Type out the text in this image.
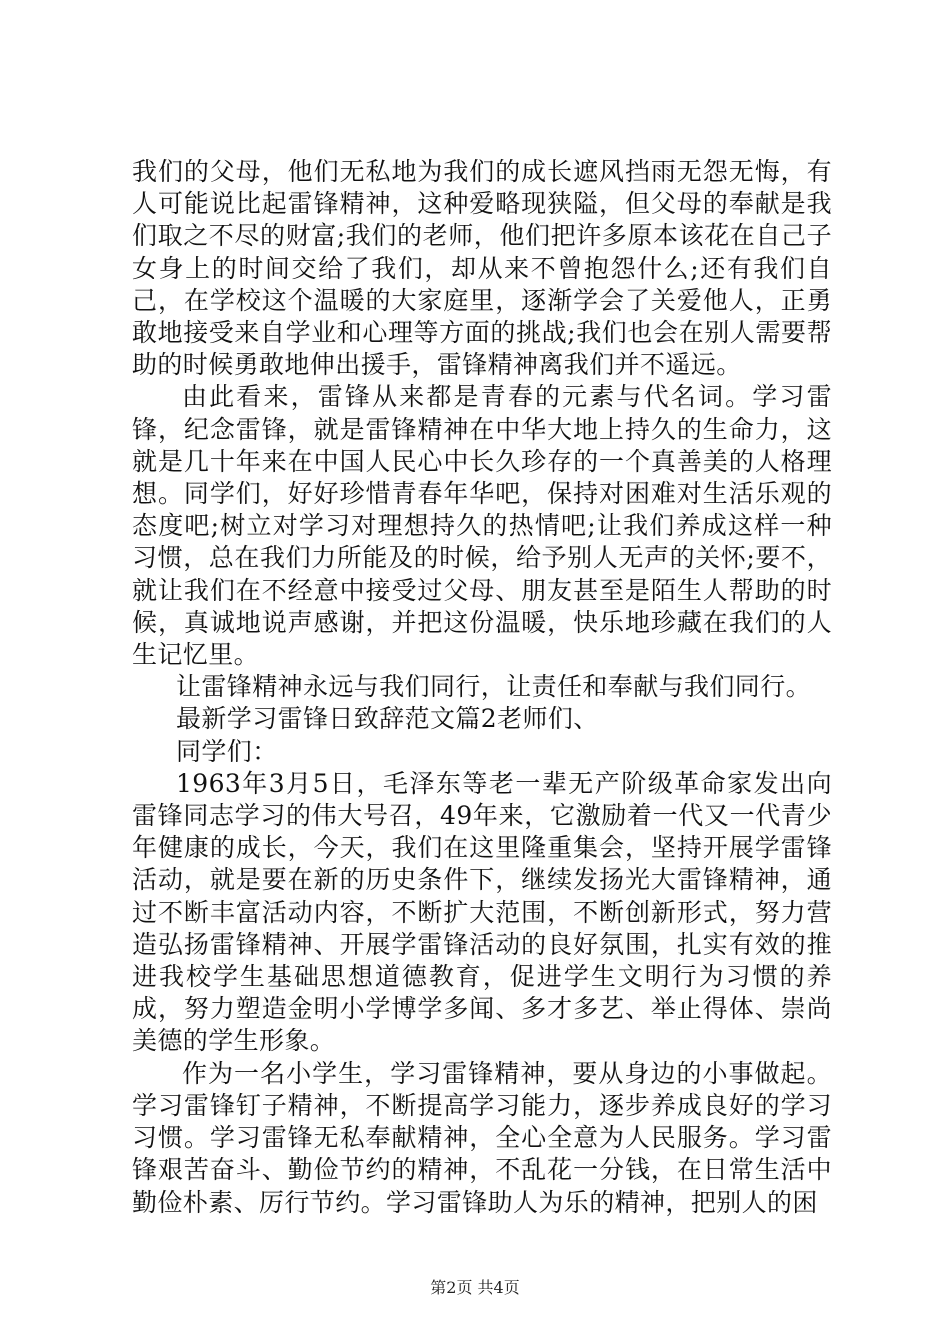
我们的父母，他们无私地为我们的成长遮风挡雨无怨无悔，有人可能说比起雷锋精神，这种爱略现狭隘，但父母的奉献是我们取之不尽的财富;我们的老师，他们把许多原本该花在自己子女身上的时间交给了我们，却从来不曾抱怨什么;还有我们自己，在学校这个温暖的大家庭里，逐渐学会了关爱他人，正勇敢地接受来自学业和心理等方面的挑战;我们也会在别人需要帮助的时候勇敢地伸出援手，雷锋精神离我们并不遥远。

由此看来，雷锋从来都是青春的元素与代名词。学习雷锋，纪念雷锋，就是雷锋精神在中华大地上持久的生命力，这就是几十年来在中国人民心中长久珍存的一个真善美的人格理想。同学们，好好珍惜青春年华吧，保持对困难对生活乐观的态度吧;树立对学习对理想持久的热情吧;让我们养成这样一种习惯，总在我们力所能及的时候，给予别人无声的关怀;要不，就让我们在不经意中接受过父母、朋友甚至是陌生人帮助的时候，真诚地说声感谢，并把这份温暖，快乐地珍藏在我们的人生记忆里。

让雷锋精神永远与我们同行，让责任和奉献与我们同行。

最新学习雷锋日致辞范文篇2老师们、

同学们：

1963年3月5日，毛泽东等老一辈无产阶级革命家发出向雷锋同志学习的伟大号召，49年来，它激励着一代又一代青少年健康的成长，今天，我们在这里隆重集会，坚持开展学雷锋活动，就是要在新的历史条件下，继续发扬光大雷锋精神，通过不断丰富活动内容，不断扩大范围，不断创新形式，努力营造弘扬雷锋精神、开展学雷锋活动的良好氛围，扎实有效的推进我校学生基础思想道德教育，促进学生文明行为习惯的养成，努力塑造金明小学博学多闻、多才多艺、举止得体、崇尚美德的学生形象。

作为一名小学生，学习雷锋精神，要从身边的小事做起。学习雷锋钉子精神，不断提高学习能力，逐步养成良好的学习习惯。学习雷锋无私奉献精神，全心全意为人民服务。学习雷锋艰苦奋斗、勤俭节约的精神，不乱花一分钱，在日常生活中勤俭朴素、厉行节约。学习雷锋助人为乐的精神，把别人的困

第2页 共4页
